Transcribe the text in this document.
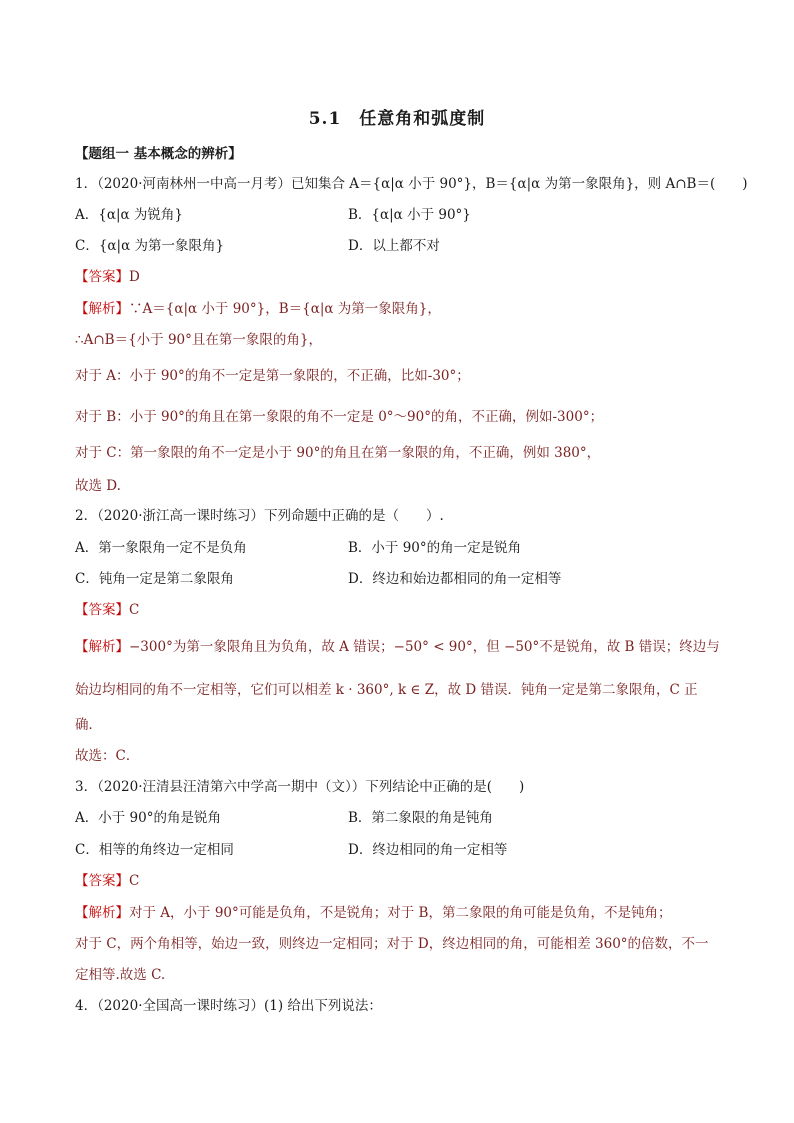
5.1　任意角和弧度制
【题组一 基本概念的辨析】
1．（2020·河南林州一中高一月考）已知集合 A＝{α|α 小于 90°}，B＝{α|α 为第一象限角}，则 A∩B＝(　　)
A．{α|α 为锐角}	B．{α|α 小于 90°}
C．{α|α 为第一象限角}	D．以上都不对
【答案】D
【解析】∵A＝{α|α 小于 90°}，B＝{α|α 为第一象限角}，
∴A∩B＝{小于 90°且在第一象限的角}，
对于 A：小于 90°的角不一定是第一象限的，不正确，比如-30°；
对于 B：小于 90°的角且在第一象限的角不一定是 0°～90°的角，不正确，例如-300°；
对于 C：第一象限的角不一定是小于 90°的角且在第一象限的角，不正确，例如 380°，
故选 D.
2．（2020·浙江高一课时练习）下列命题中正确的是（　　）.
A．第一象限角一定不是负角	B．小于 90°的角一定是锐角
C．钝角一定是第二象限角	D．终边和始边都相同的角一定相等
【答案】C
【解析】−300°为第一象限角且为负角，故 A 错误；−50° < 90°，但 −50°不是锐角，故 B 错误；终边与
始边均相同的角不一定相等，它们可以相差 k · 360°, k ∈ Z，故 D 错误．钝角一定是第二象限角，C 正
确．
故选：C．
3．（2020·汪清县汪清第六中学高一期中（文））下列结论中正确的是(　　)
A．小于 90°的角是锐角	B．第二象限的角是钝角
C．相等的角终边一定相同	D．终边相同的角一定相等
【答案】C
【解析】对于 A，小于 90°可能是负角，不是锐角；对于 B，第二象限的角可能是负角，不是钝角；
对于 C，两个角相等，始边一致，则终边一定相同；对于 D，终边相同的角，可能相差 360°的倍数，不一
定相等.故选 C.
4．（2020·全国高一课时练习）(1) 给出下列说法：
